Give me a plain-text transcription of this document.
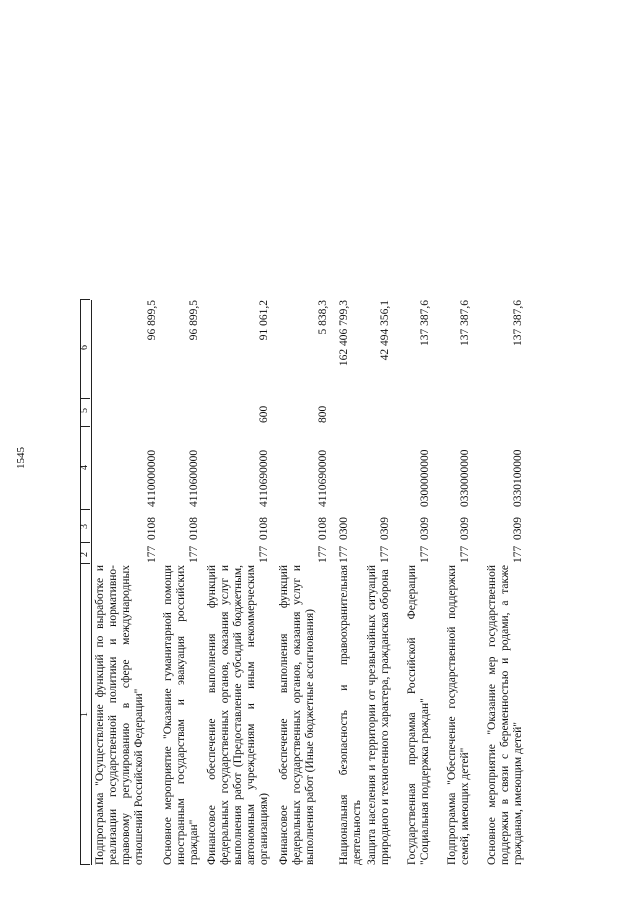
1545
1
2
3
4
5
6
Подпрограмма "Осуществление функций по выработке и реализации государственной политики и нормативно-правовому регулированию в сфере международных отношений Российской Федерации"
177
0108
4110000000
96 899,5
Основное мероприятие "Оказание гуманитарной помощи иностранным государствам и эвакуация российских граждан"
177
0108
4110600000
96 899,5
Финансовое обеспечение выполнения функций федеральных государственных органов, оказания услуг и выполнения работ (Предоставление субсидий бюджетным, автономным учреждениям и иным некоммерческим организациям)
177
0108
4110690000
600
91 061,2
Финансовое обеспечение выполнения функций федеральных государственных органов, оказания услуг и выполнения работ (Иные бюджетные ассигнования)
177
0108
4110690000
800
5 838,3
Национальная безопасность и правоохранительная деятельность
177
0300
162 406 799,3
Защита населения и территории от чрезвычайных ситуаций природного и техногенного характера, гражданская оборона
177
0309
42 494 356,1
Государственная программа Российской Федерации "Социальная поддержка граждан"
177
0309
0300000000
137 387,6
Подпрограмма "Обеспечение государственной поддержки семей, имеющих детей"
177
0309
0330000000
137 387,6
Основное мероприятие "Оказание мер государственной поддержки в связи с беременностью и родами, а также гражданам, имеющим детей"
177
0309
0330100000
137 387,6
